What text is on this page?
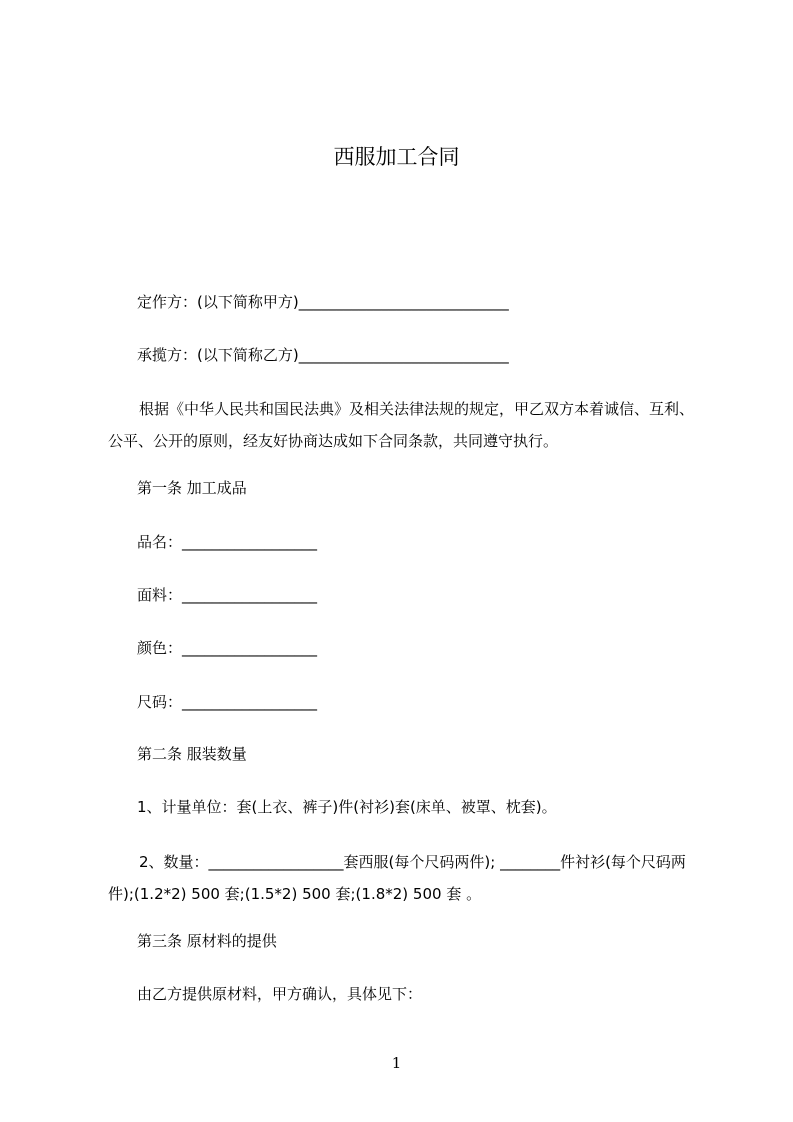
西服加工合同
定作方：(以下简称甲方)____________________________
承揽方：(以下简称乙方)____________________________
根据《中华人民共和国民法典》及相关法律法规的规定，甲乙双方本着诚信、互利、公平、公开的原则，经友好协商达成如下合同条款，共同遵守执行。
第一条 加工成品
品名：__________________
面料：__________________
颜色：__________________
尺码：__________________
第二条 服装数量
1、计量单位：套(上衣、裤子)件(衬衫)套(床单、被罩、枕套)。
2、数量：__________________套西服(每个尺码两件); ________件衬衫(每个尺码两件);(1.2*2) 500 套;(1.5*2) 500 套;(1.8*2) 500 套 。
第三条 原材料的提供
由乙方提供原材料，甲方确认，具体见下：
1
